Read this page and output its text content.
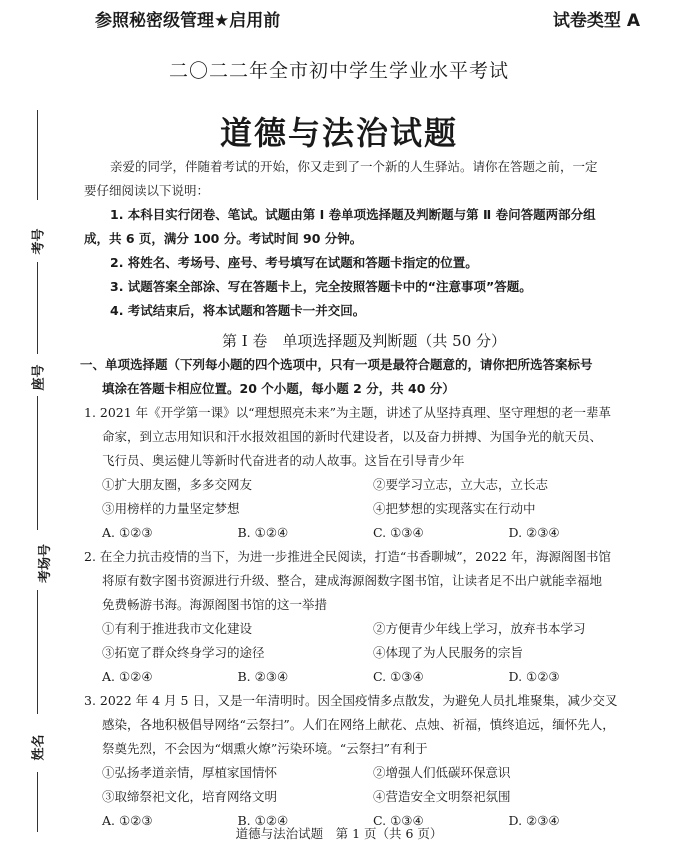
参照秘密级管理★启用前	试卷类型 A
二〇二二年全市初中学生学业水平考试
道德与法治试题
考号
座号
考场号
姓名
亲爱的同学，伴随着考试的开始，你又走到了一个新的人生驿站。请你在答题之前，一定
要仔细阅读以下说明：
1. 本科目实行闭卷、笔试。试题由第 Ⅰ 卷单项选择题及判断题与第 Ⅱ 卷问答题两部分组
成，共 6 页，满分 100 分。考试时间 90 分钟。
2. 将姓名、考场号、座号、考号填写在试题和答题卡指定的位置。
3. 试题答案全部涂、写在答题卡上，完全按照答题卡中的“注意事项”答题。
4. 考试结束后，将本试题和答题卡一并交回。
第 Ⅰ 卷　单项选择题及判断题（共 50 分）
一、单项选择题（下列每小题的四个选项中，只有一项是最符合题意的，请你把所选答案标号
填涂在答题卡相应位置。20 个小题，每小题 2 分，共 40 分）
1. 2021 年《开学第一课》以“理想照亮未来”为主题，讲述了从坚持真理、坚守理想的老一辈革
命家，到立志用知识和汗水报效祖国的新时代建设者，以及奋力拼搏、为国争光的航天员、
飞行员、奥运健儿等新时代奋进者的动人故事。这旨在引导青少年
①扩大朋友圈，多多交网友	②要学习立志，立大志，立长志
③用榜样的力量坚定梦想	④把梦想的实现落实在行动中
A. ①②③	B. ①②④	C. ①③④	D. ②③④
2. 在全力抗击疫情的当下，为进一步推进全民阅读，打造“书香聊城”，2022 年，海源阁图书馆
将原有数字图书资源进行升级、整合，建成海源阁数字图书馆，让读者足不出户就能幸福地
免费畅游书海。海源阁图书馆的这一举措
①有利于推进我市文化建设	②方便青少年线上学习，放弃书本学习
③拓宽了群众终身学习的途径	④体现了为人民服务的宗旨
A. ①②④	B. ②③④	C. ①③④	D. ①②③
3. 2022 年 4 月 5 日，又是一年清明时。因全国疫情多点散发，为避免人员扎堆聚集，减少交叉
感染，各地积极倡导网络“云祭扫”。人们在网络上献花、点烛、祈福，慎终追远，缅怀先人，
祭奠先烈，不会因为“烟熏火燎”污染环境。“云祭扫”有利于
①弘扬孝道亲情，厚植家国情怀	②增强人们低碳环保意识
③取缔祭祀文化，培育网络文明	④营造安全文明祭祀氛围
A. ①②③	B. ①②④	C. ①③④	D. ②③④
道德与法治试题　第 1 页（共 6 页）
